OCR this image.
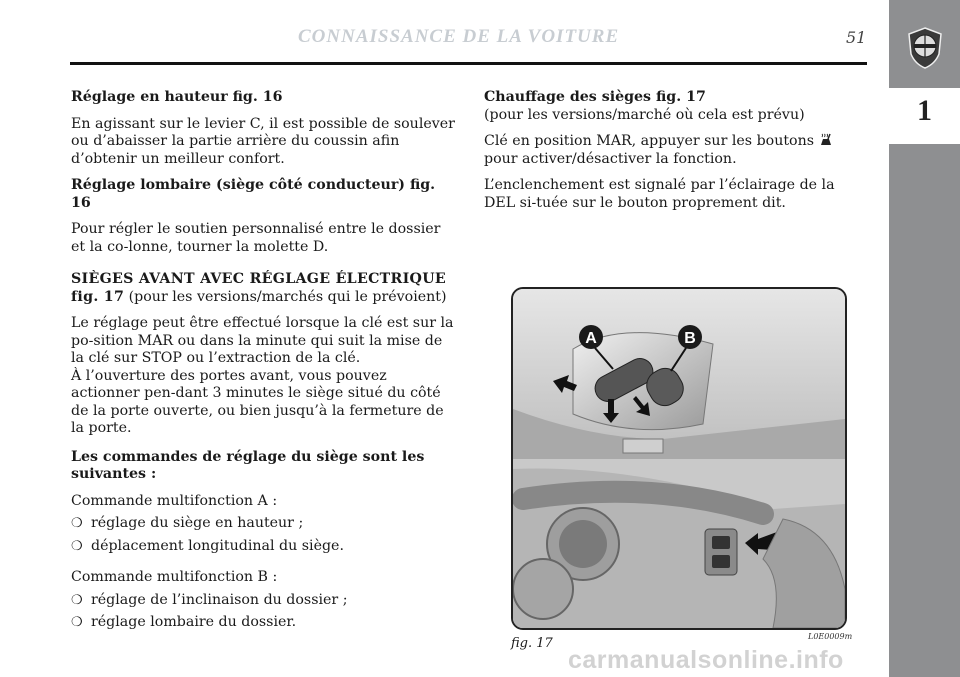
CONNAISSANCE DE LA VOITURE	51
1

Réglage en hauteur fig. 16

En agissant sur le levier C, il est possible de soulever ou d’abaisser la partie arrière du coussin afin d’obtenir un meilleur confort.

Réglage lombaire (siège côté conducteur) fig. 16

Pour régler le soutien personnalisé entre le dossier et la co-lonne, tourner la molette D.

SIÈGES AVANT AVEC RÉGLAGE ÉLECTRIQUE
fig. 17 (pour les versions/marchés qui le prévoient)

Le réglage peut être effectué lorsque la clé est sur la po-sition MAR ou dans la minute qui suit la mise de la clé sur STOP ou l’extraction de la clé.

À l’ouverture des portes avant, vous pouvez actionner pen-dant 3 minutes le siège situé du côté de la porte ouverte, ou bien jusqu’à la fermeture de la porte.

Les commandes de réglage du siège sont les suivantes :

Commande multifonction A :

❍ réglage du siège en hauteur ;

❍ déplacement longitudinal du siège.

Commande multifonction B :

❍ réglage de l’inclinaison du dossier ;

❍ réglage lombaire du dossier.

Chauffage des sièges fig. 17

(pour les versions/marché où cela est prévu)

Clé en position MAR, appuyer sur les boutons  pour activer/désactiver la fonction.

L’enclenchement est signalé par l’éclairage de la DEL si-tuée sur le bouton proprement dit.

A	B
fig. 17	L0E0009m
carmanualsonline.info
